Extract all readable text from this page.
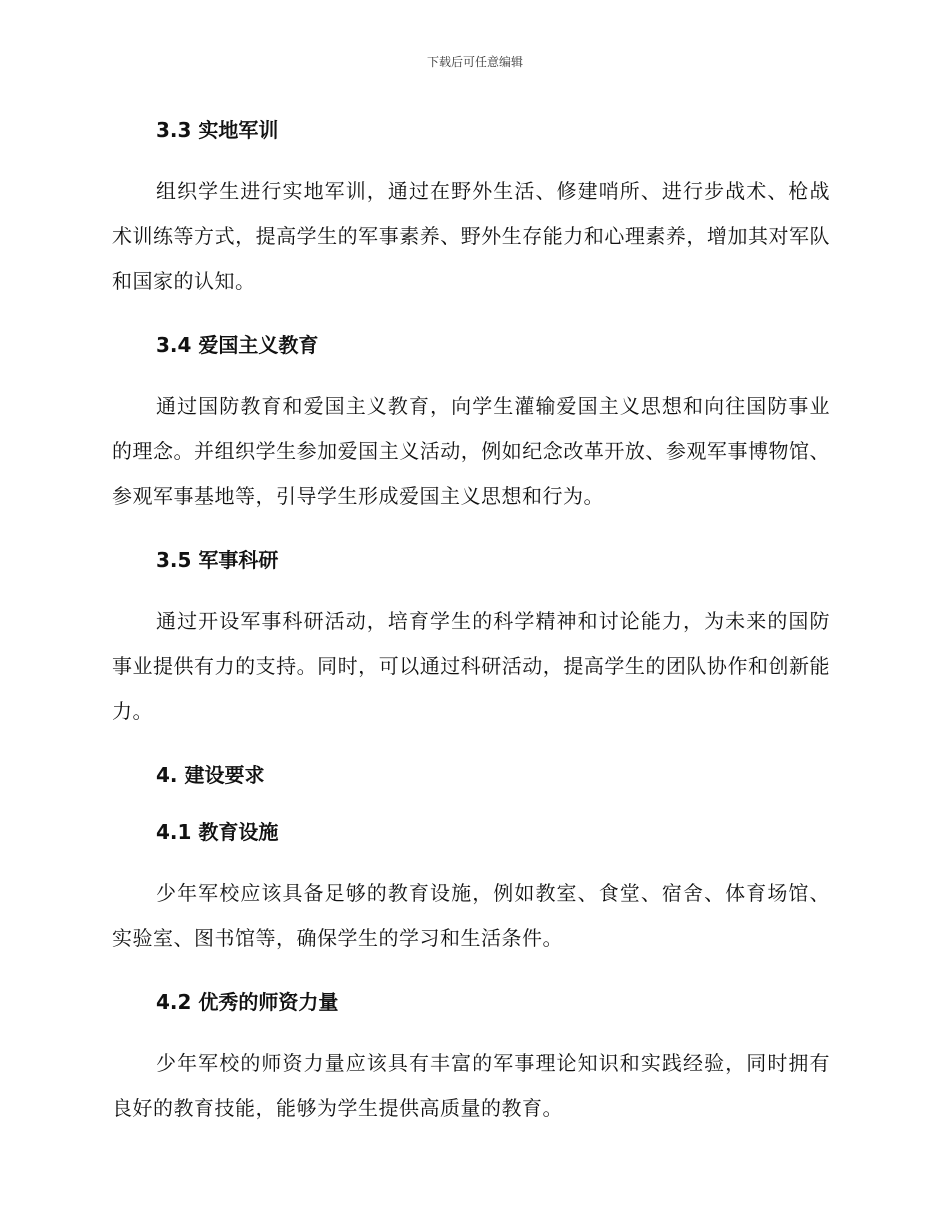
下载后可任意编辑
3.3 实地军训

组织学生进行实地军训，通过在野外生活、修建哨所、进行步战术、枪战术训练等方式，提高学生的军事素养、野外生存能力和心理素养，增加其对军队和国家的认知。

3.4 爱国主义教育

通过国防教育和爱国主义教育，向学生灌输爱国主义思想和向往国防事业的理念。并组织学生参加爱国主义活动，例如纪念改革开放、参观军事博物馆、参观军事基地等，引导学生形成爱国主义思想和行为。

3.5 军事科研

通过开设军事科研活动，培育学生的科学精神和讨论能力，为未来的国防事业提供有力的支持。同时，可以通过科研活动，提高学生的团队协作和创新能力。

4. 建设要求
4.1 教育设施

少年军校应该具备足够的教育设施，例如教室、食堂、宿舍、体育场馆、实验室、图书馆等，确保学生的学习和生活条件。

4.2 优秀的师资力量

少年军校的师资力量应该具有丰富的军事理论知识和实践经验，同时拥有良好的教育技能，能够为学生提供高质量的教育。
